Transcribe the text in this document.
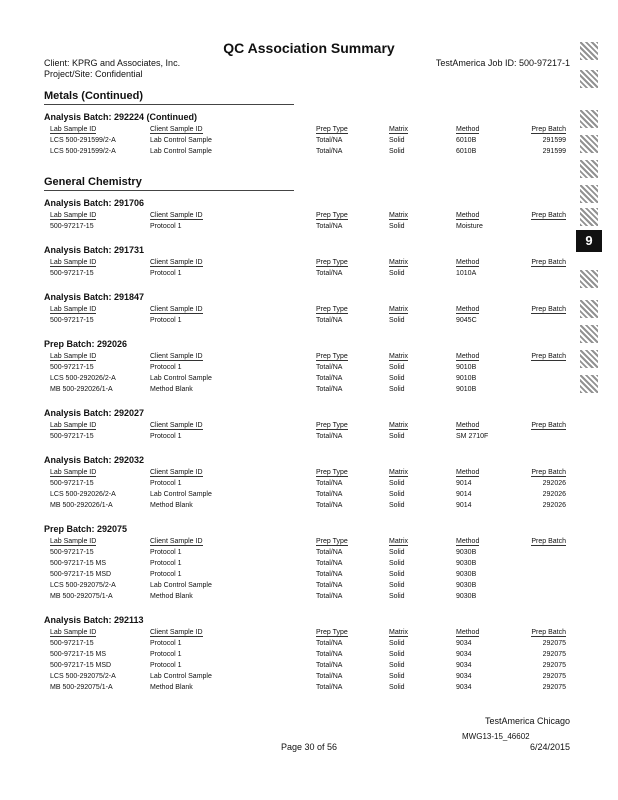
QC Association Summary
Client: KPRG and Associates, Inc.
Project/Site: Confidential
TestAmerica Job ID: 500-97217-1
Metals (Continued)
Analysis Batch: 292224 (Continued)
Lab Sample ID	Client Sample ID	Prep Type	Matrix	Method	Prep Batch
LCS 500-291599/2-A	Lab Control Sample	Total/NA	Solid	6010B	291599
LCS 500-291599/2-A	Lab Control Sample	Total/NA	Solid	6010B	291599
General Chemistry
Analysis Batch: 291706
Lab Sample ID	Client Sample ID	Prep Type	Matrix	Method	Prep Batch
500-97217-15	Protocol 1	Total/NA	Solid	Moisture
Analysis Batch: 291731
Lab Sample ID	Client Sample ID	Prep Type	Matrix	Method	Prep Batch
500-97217-15	Protocol 1	Total/NA	Solid	1010A
Analysis Batch: 291847
Lab Sample ID	Client Sample ID	Prep Type	Matrix	Method	Prep Batch
500-97217-15	Protocol 1	Total/NA	Solid	9045C
Prep Batch: 292026
Lab Sample ID	Client Sample ID	Prep Type	Matrix	Method	Prep Batch
500-97217-15	Protocol 1	Total/NA	Solid	9010B
LCS 500-292026/2-A	Lab Control Sample	Total/NA	Solid	9010B
MB 500-292026/1-A	Method Blank	Total/NA	Solid	9010B
Analysis Batch: 292027
Lab Sample ID	Client Sample ID	Prep Type	Matrix	Method	Prep Batch
500-97217-15	Protocol 1	Total/NA	Solid	SM 2710F
Analysis Batch: 292032
Lab Sample ID	Client Sample ID	Prep Type	Matrix	Method	Prep Batch
500-97217-15	Protocol 1	Total/NA	Solid	9014	292026
LCS 500-292026/2-A	Lab Control Sample	Total/NA	Solid	9014	292026
MB 500-292026/1-A	Method Blank	Total/NA	Solid	9014	292026
Prep Batch: 292075
Lab Sample ID	Client Sample ID	Prep Type	Matrix	Method	Prep Batch
500-97217-15	Protocol 1	Total/NA	Solid	9030B
500-97217-15 MS	Protocol 1	Total/NA	Solid	9030B
500-97217-15 MSD	Protocol 1	Total/NA	Solid	9030B
LCS 500-292075/2-A	Lab Control Sample	Total/NA	Solid	9030B
MB 500-292075/1-A	Method Blank	Total/NA	Solid	9030B
Analysis Batch: 292113
Lab Sample ID	Client Sample ID	Prep Type	Matrix	Method	Prep Batch
500-97217-15	Protocol 1	Total/NA	Solid	9034	292075
500-97217-15 MS	Protocol 1	Total/NA	Solid	9034	292075
500-97217-15 MSD	Protocol 1	Total/NA	Solid	9034	292075
LCS 500-292075/2-A	Lab Control Sample	Total/NA	Solid	9034	292075
MB 500-292075/1-A	Method Blank	Total/NA	Solid	9034	292075
9
TestAmerica Chicago
MWG13-15_46602
Page 30 of 56	6/24/2015
